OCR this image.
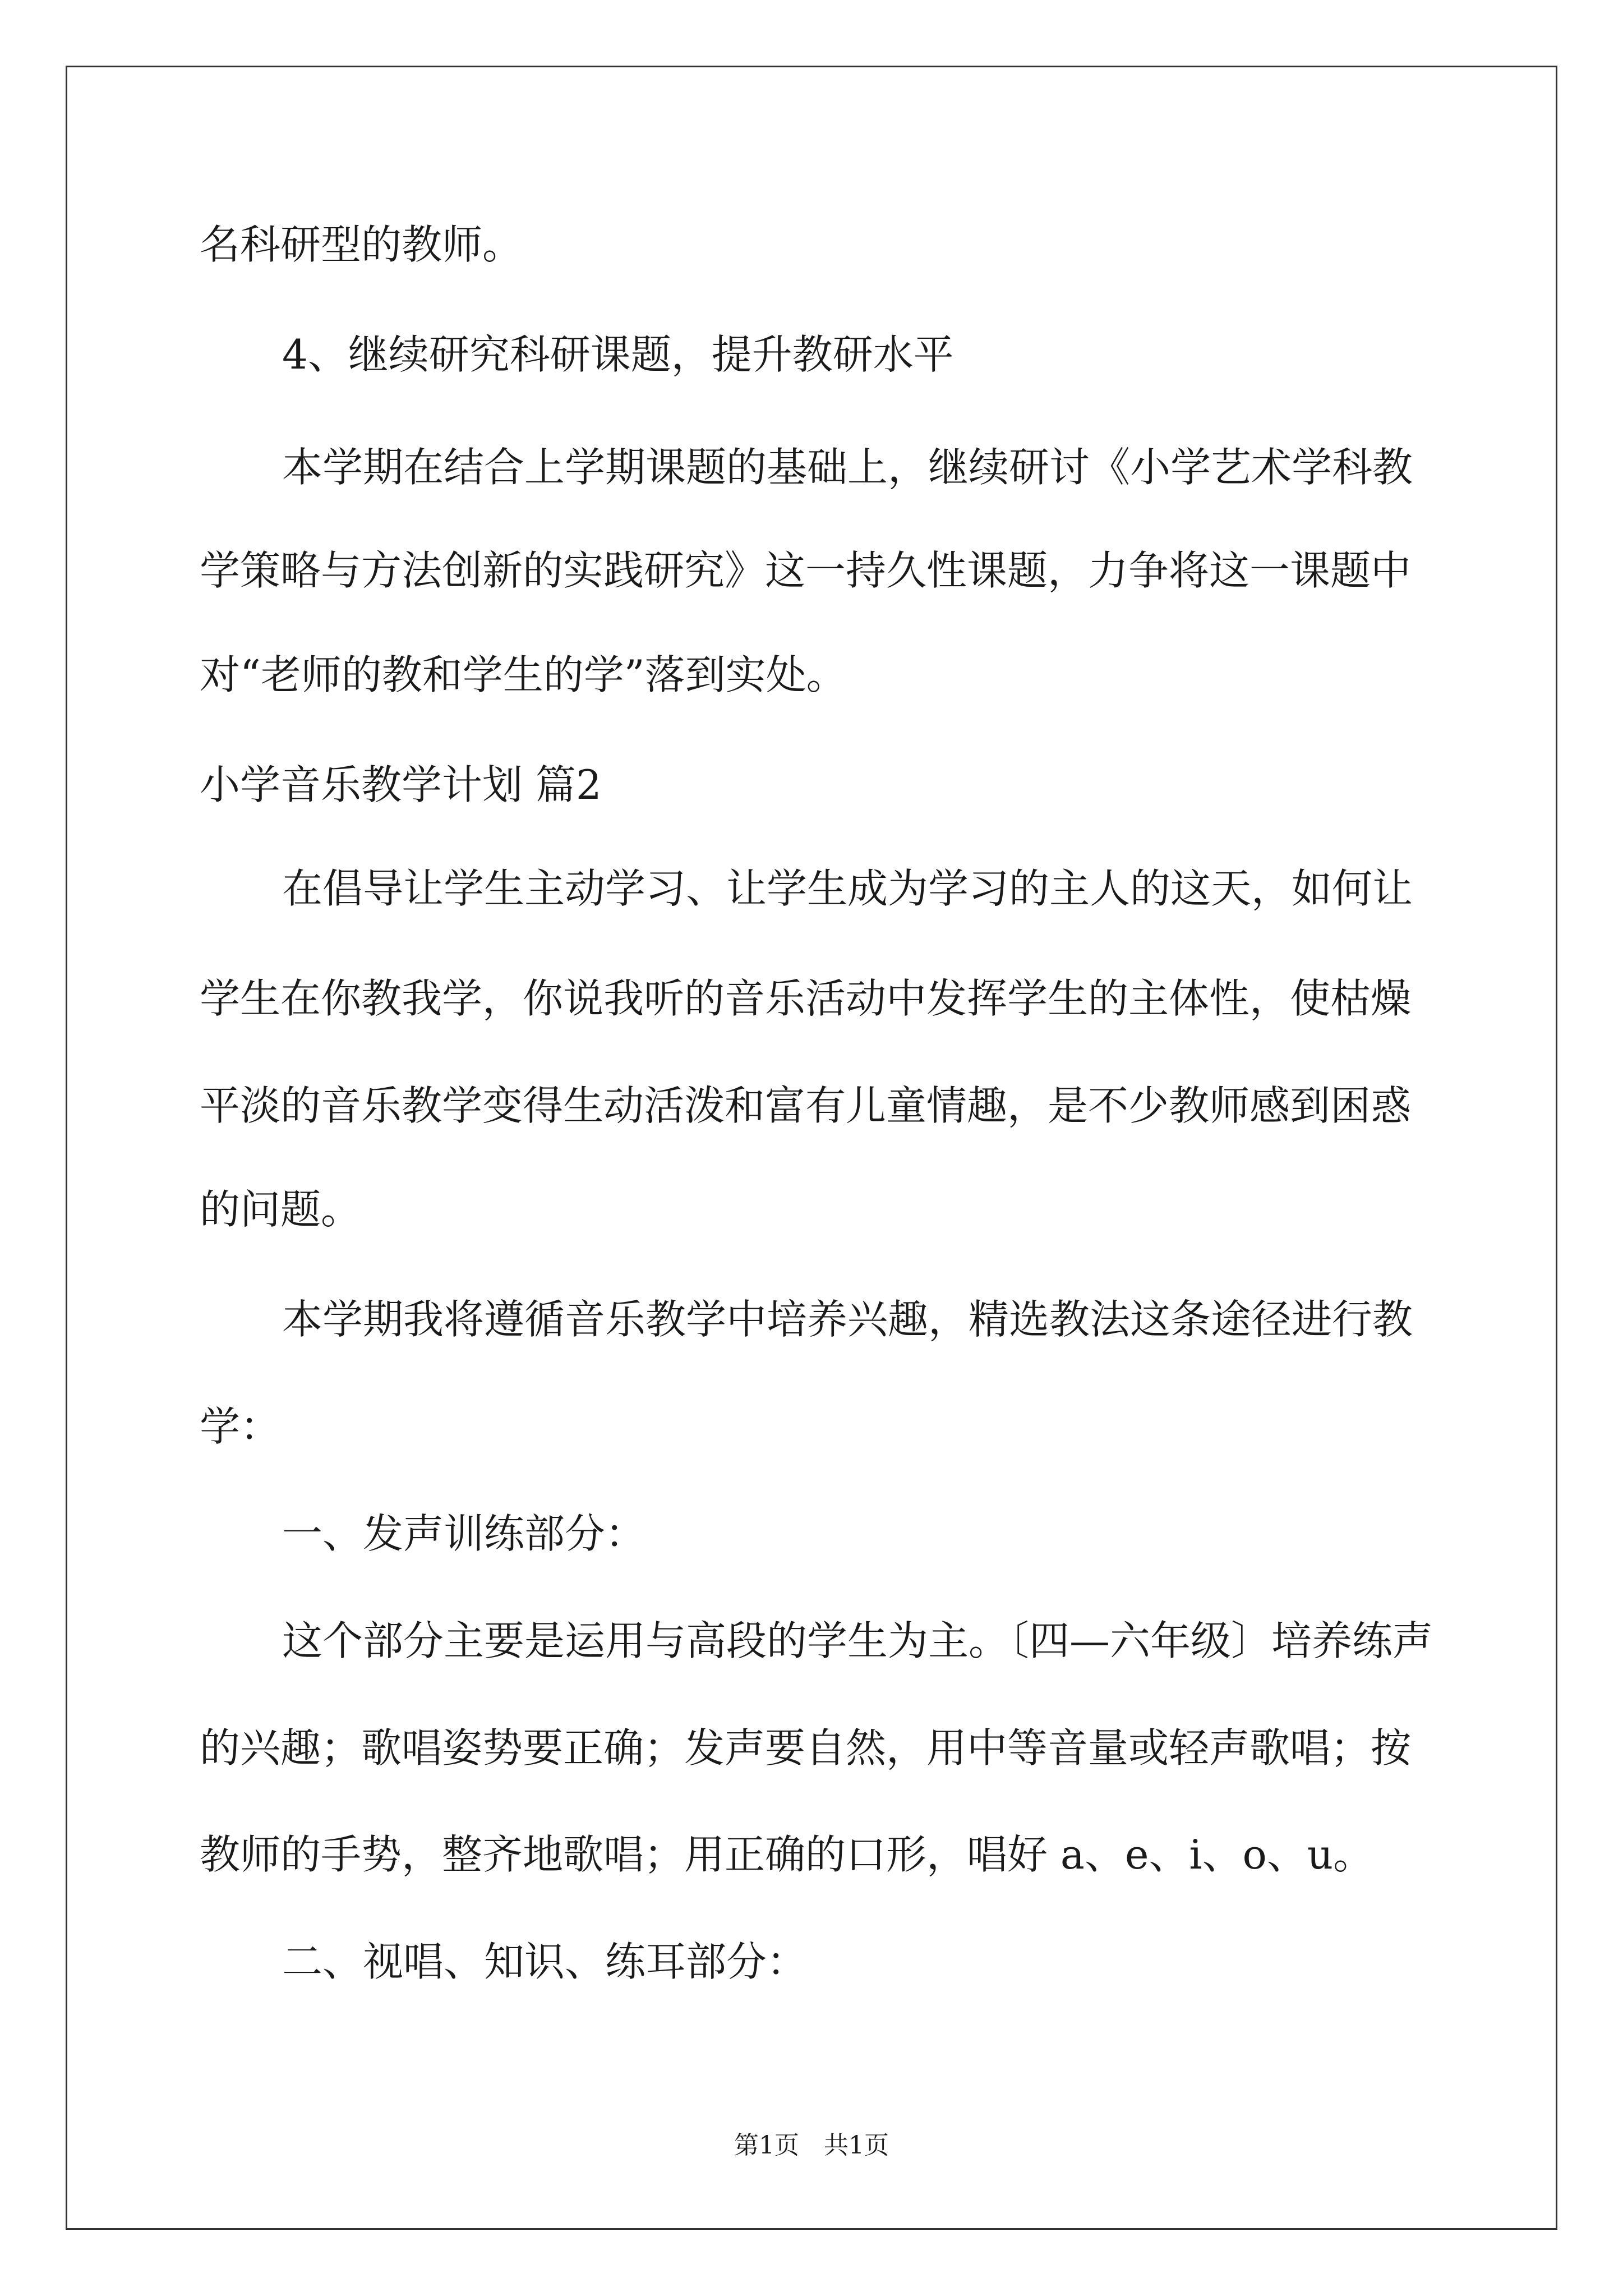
名科研型的教师。

4、继续研究科研课题，提升教研水平

本学期在结合上学期课题的基础上，继续研讨《小学艺术学科教

学策略与方法创新的实践研究》这一持久性课题，力争将这一课题中

对“老师的教和学生的学”落到实处。

小学音乐教学计划 篇2

在倡导让学生主动学习、让学生成为学习的主人的这天，如何让

学生在你教我学，你说我听的音乐活动中发挥学生的主体性，使枯燥

平淡的音乐教学变得生动活泼和富有儿童情趣，是不少教师感到困惑

的问题。

本学期我将遵循音乐教学中培养兴趣，精选教法这条途径进行教

学：

一、发声训练部分：

这个部分主要是运用与高段的学生为主。〔四—六年级〕培养练声

的兴趣；歌唱姿势要正确；发声要自然，用中等音量或轻声歌唱；按

教师的手势，整齐地歌唱；用正确的口形，唱好 a、e、i、o、u。

二、视唱、知识、练耳部分：

第1页　共1页
